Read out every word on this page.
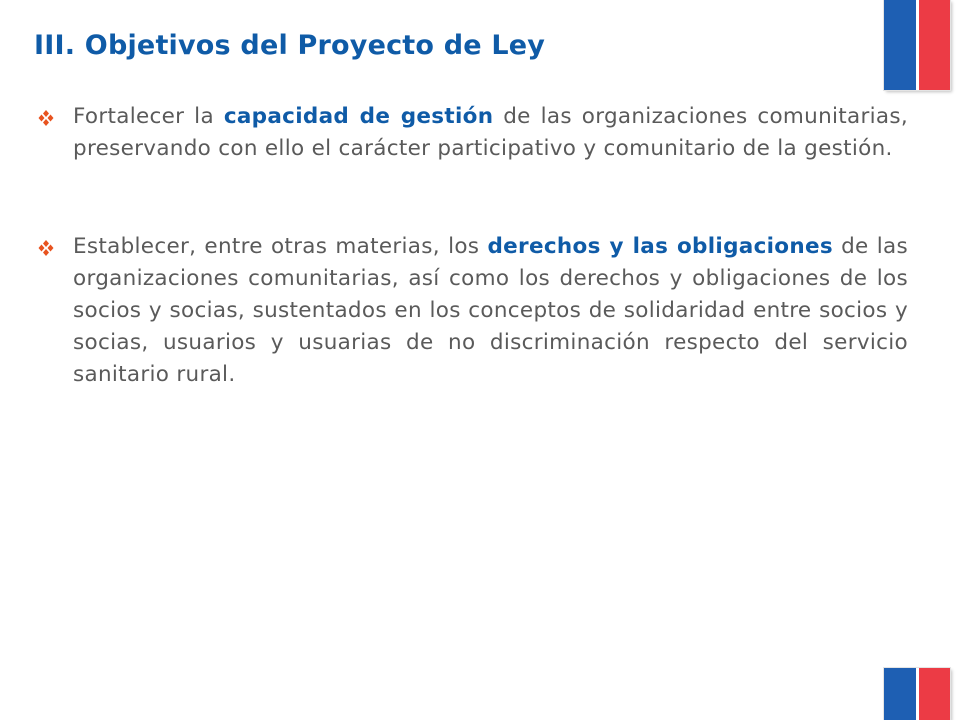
III. Objetivos del Proyecto de Ley
Fortalecer la capacidad de gestión de las organizaciones comunitarias, preservando con ello el carácter participativo y comunitario de la gestión.
Establecer, entre otras materias, los derechos y las obligaciones de las organizaciones comunitarias, así como los derechos y obligaciones de los socios y socias, sustentados en los conceptos de solidaridad entre socios y socias, usuarios y usuarias de no discriminación respecto del servicio sanitario rural.
